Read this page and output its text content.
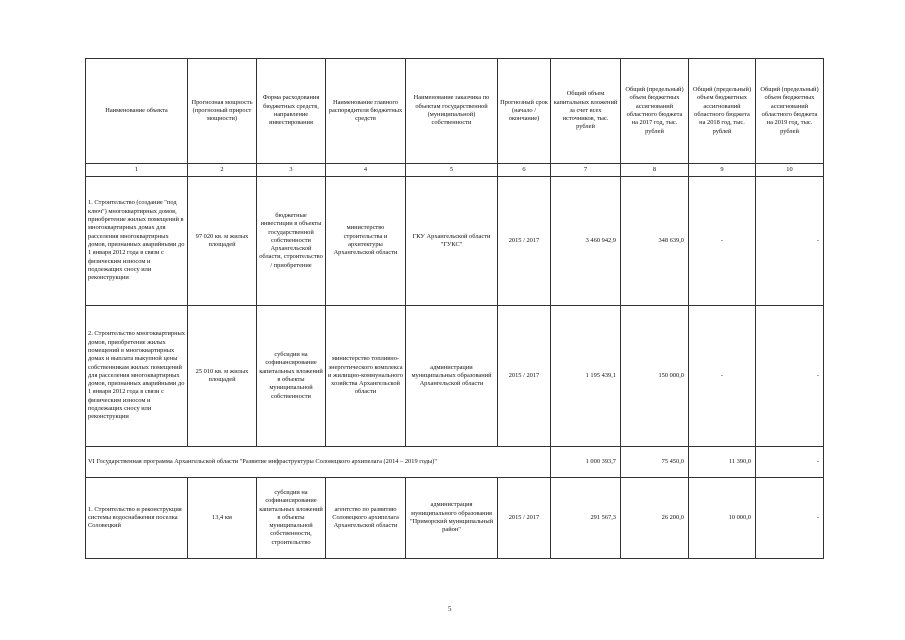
Наименование объекта	Прогнозная мощность (прогнозный прирост мощности)	Форма расходования бюджетных средств, направление инвестирования	Наименование главного распорядителя бюджетных средств	Наименование заказчика по объектам государственной (муниципальной) собственности	Прогнозный срок (начало / окончание)	Общий объем капитальных вложений за счет всех источников, тыс. рублей	Общий (предельный) объем бюджетных ассигнований областного бюджета на 2017 год, тыс. рублей	Общий (предельный) объем бюджетных ассигнований областного бюджета на 2018 год, тыс. рублей	Общий (предельный) объем бюджетных ассигнований областного бюджета на 2019 год, тыс. рублей
1	2	3	4	5	6	7	8	9	10
1. Строительство (создание "под ключ") многоквартирных домов, приобретение жилых помещений в многоквартирных домах для расселения многоквартирных домов, признанных аварийными до 1 января 2012 года в связи с физическим износом и подлежащих сносу или реконструкции	97 020 кв. м жилых площадей	бюджетные инвестиции в объекты государственной собственности Архангельской области, строительство / приобретение	министерство строительства и архитектуры Архангельской области	ГКУ Архангельской области "ГУКС"	2015 / 2017	3 460 942,9	348 639,0	-	-
2. Строительство многоквартирных домов, приобретение жилых помещений в многоквартирных домах и выплата выкупной цены собственникам жилых помещений для расселения многоквартирных домов, признанных аварийными до 1 января 2012 года в связи с физическим износом и подлежащих сносу или реконструкции	25 010 кв. м жилых площадей	субсидии на софинансирование капитальных вложений в объекты муниципальной собственности	министерство топливно-энергетического комплекса и жилищно-коммунального хозяйства Архангельской области	администрации муниципальных образований Архангельской области	2015 / 2017	1 195 439,1	150 000,0	-	-
VI Государственная программа Архангельской области "Развитие инфраструктуры Соловецкого архипелага (2014 – 2019 годы)"						1 000 393,7	75 450,0	11 390,0	-
1. Строительство и реконструкция системы водоснабжения поселка Соловецкий	13,4 км	субсидии на софинансирование капитальных вложений в объекты муниципальной собственности, строительство	агентство по развитию Соловецкого архипелага Архангельской области	администрация муниципального образования "Приморский муниципальный район"	2015 / 2017	291 567,3	26 200,0	10 000,0	-
5
